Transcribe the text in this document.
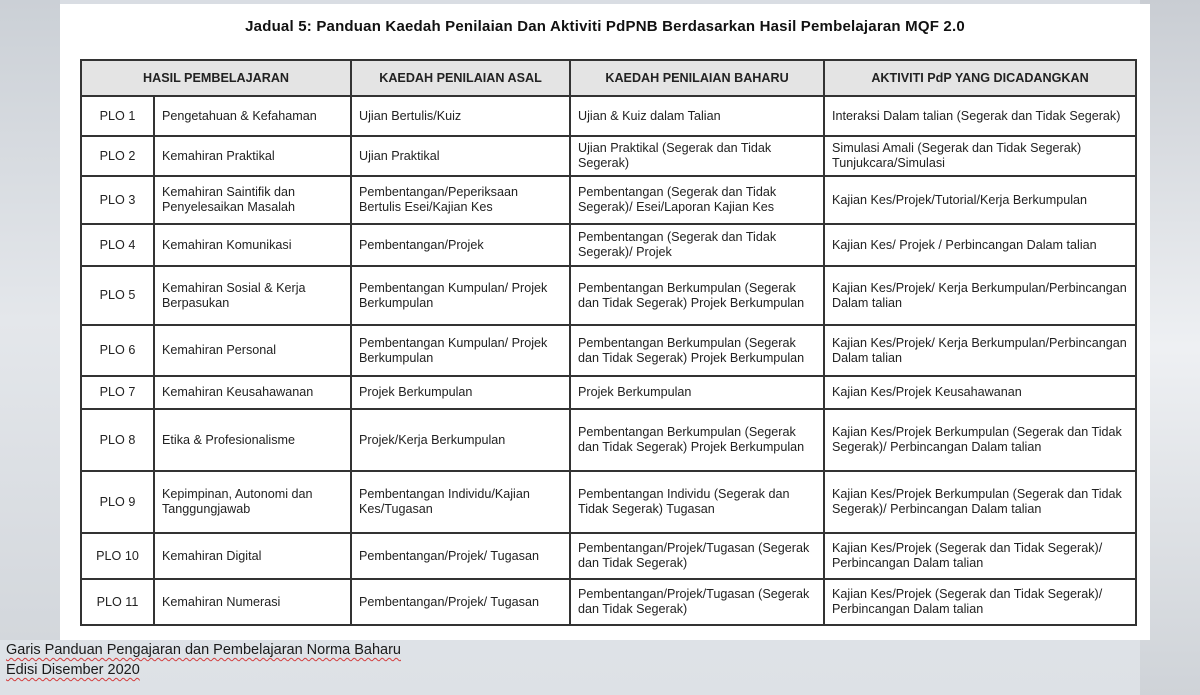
Jadual 5: Panduan Kaedah Penilaian Dan Aktiviti PdPNB Berdasarkan Hasil Pembelajaran MQF 2.0
HASIL PEMBELAJARAN		KAEDAH PENILAIAN ASAL	KAEDAH PENILAIAN BAHARU	AKTIVITI PdP YANG DICADANGKAN
PLO 1	Pengetahuan & Kefahaman	Ujian Bertulis/Kuiz	Ujian & Kuiz dalam Talian	Interaksi Dalam talian (Segerak dan Tidak Segerak)
PLO 2	Kemahiran Praktikal	Ujian Praktikal	Ujian Praktikal (Segerak dan Tidak Segerak)	Simulasi Amali (Segerak dan Tidak Segerak) Tunjukcara/Simulasi
PLO 3	Kemahiran Saintifik dan Penyelesaikan Masalah	Pembentangan/Peperiksaan Bertulis Esei/Kajian Kes	Pembentangan (Segerak dan Tidak Segerak)/ Esei/Laporan Kajian Kes	Kajian Kes/Projek/Tutorial/Kerja Berkumpulan
PLO 4	Kemahiran Komunikasi	Pembentangan/Projek	Pembentangan (Segerak dan Tidak Segerak)/ Projek	Kajian Kes/ Projek / Perbincangan Dalam talian
PLO 5	Kemahiran Sosial & Kerja Berpasukan	Pembentangan Kumpulan/ Projek Berkumpulan	Pembentangan Berkumpulan (Segerak dan Tidak Segerak) Projek Berkumpulan	Kajian Kes/Projek/ Kerja Berkumpulan/Perbincangan Dalam talian
PLO 6	Kemahiran Personal	Pembentangan Kumpulan/ Projek Berkumpulan	Pembentangan Berkumpulan (Segerak dan Tidak Segerak) Projek Berkumpulan	Kajian Kes/Projek/ Kerja Berkumpulan/Perbincangan Dalam talian
PLO 7	Kemahiran Keusahawanan	Projek Berkumpulan	Projek Berkumpulan	Kajian Kes/Projek Keusahawanan
PLO 8	Etika & Profesionalisme	Projek/Kerja Berkumpulan	Pembentangan Berkumpulan (Segerak dan Tidak Segerak) Projek Berkumpulan	Kajian Kes/Projek Berkumpulan (Segerak dan Tidak Segerak)/ Perbincangan Dalam talian
PLO 9	Kepimpinan, Autonomi dan Tanggungjawab	Pembentangan Individu/Kajian Kes/Tugasan	Pembentangan Individu (Segerak dan Tidak Segerak) Tugasan	Kajian Kes/Projek Berkumpulan (Segerak dan Tidak Segerak)/ Perbincangan Dalam talian
PLO 10	Kemahiran Digital	Pembentangan/Projek/ Tugasan	Pembentangan/Projek/Tugasan (Segerak dan Tidak Segerak)	Kajian Kes/Projek (Segerak dan Tidak Segerak)/ Perbincangan Dalam talian
PLO 11	Kemahiran Numerasi	Pembentangan/Projek/ Tugasan	Pembentangan/Projek/Tugasan (Segerak dan Tidak Segerak)	Kajian Kes/Projek (Segerak dan Tidak Segerak)/ Perbincangan Dalam talian
Garis Panduan Pengajaran dan Pembelajaran Norma Baharu
Edisi Disember 2020
